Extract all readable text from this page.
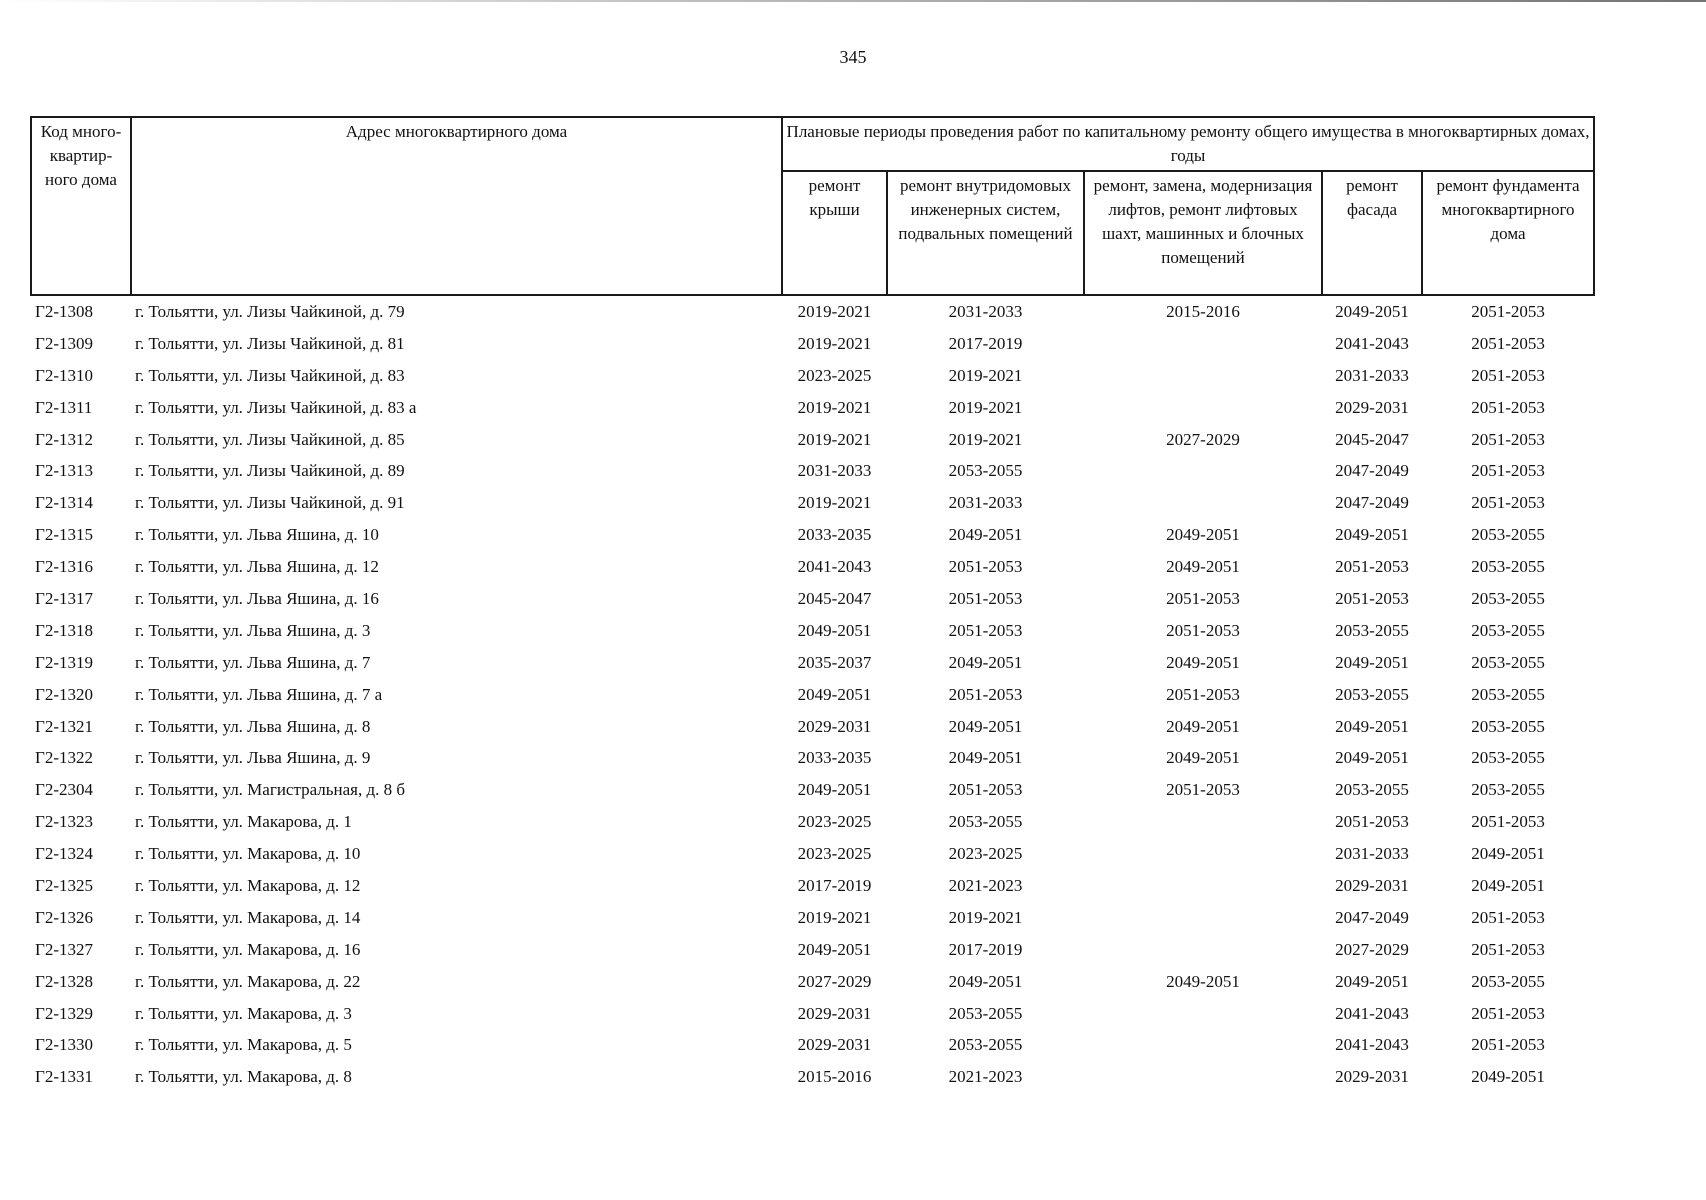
345
Код много-квартир-ного дома	Адрес многоквартирного дома	Плановые периоды проведения работ по капитальному ремонту общего имущества в многоквартирных домах, годы				
		ремонт крыши	ремонт внутридомовых инженерных систем, подвальных помещений	ремонт, замена, модернизация лифтов, ремонт лифтовых шахт, машинных и блочных помещений	ремонт фасада	ремонт фундамента многоквартирного дома
Г2-1308	г. Тольятти, ул. Лизы Чайкиной, д. 79	2019-2021	2031-2033	2015-2016	2049-2051	2051-2053
Г2-1309	г. Тольятти, ул. Лизы Чайкиной, д. 81	2019-2021	2017-2019		2041-2043	2051-2053
Г2-1310	г. Тольятти, ул. Лизы Чайкиной, д. 83	2023-2025	2019-2021		2031-2033	2051-2053
Г2-1311	г. Тольятти, ул. Лизы Чайкиной, д. 83 а	2019-2021	2019-2021		2029-2031	2051-2053
Г2-1312	г. Тольятти, ул. Лизы Чайкиной, д. 85	2019-2021	2019-2021	2027-2029	2045-2047	2051-2053
Г2-1313	г. Тольятти, ул. Лизы Чайкиной, д. 89	2031-2033	2053-2055		2047-2049	2051-2053
Г2-1314	г. Тольятти, ул. Лизы Чайкиной, д. 91	2019-2021	2031-2033		2047-2049	2051-2053
Г2-1315	г. Тольятти, ул. Льва Яшина, д. 10	2033-2035	2049-2051	2049-2051	2049-2051	2053-2055
Г2-1316	г. Тольятти, ул. Льва Яшина, д. 12	2041-2043	2051-2053	2049-2051	2051-2053	2053-2055
Г2-1317	г. Тольятти, ул. Льва Яшина, д. 16	2045-2047	2051-2053	2051-2053	2051-2053	2053-2055
Г2-1318	г. Тольятти, ул. Льва Яшина, д. 3	2049-2051	2051-2053	2051-2053	2053-2055	2053-2055
Г2-1319	г. Тольятти, ул. Льва Яшина, д. 7	2035-2037	2049-2051	2049-2051	2049-2051	2053-2055
Г2-1320	г. Тольятти, ул. Льва Яшина, д. 7 а	2049-2051	2051-2053	2051-2053	2053-2055	2053-2055
Г2-1321	г. Тольятти, ул. Льва Яшина, д. 8	2029-2031	2049-2051	2049-2051	2049-2051	2053-2055
Г2-1322	г. Тольятти, ул. Льва Яшина, д. 9	2033-2035	2049-2051	2049-2051	2049-2051	2053-2055
Г2-2304	г. Тольятти, ул. Магистральная, д. 8 б	2049-2051	2051-2053	2051-2053	2053-2055	2053-2055
Г2-1323	г. Тольятти, ул. Макарова, д. 1	2023-2025	2053-2055		2051-2053	2051-2053
Г2-1324	г. Тольятти, ул. Макарова, д. 10	2023-2025	2023-2025		2031-2033	2049-2051
Г2-1325	г. Тольятти, ул. Макарова, д. 12	2017-2019	2021-2023		2029-2031	2049-2051
Г2-1326	г. Тольятти, ул. Макарова, д. 14	2019-2021	2019-2021		2047-2049	2051-2053
Г2-1327	г. Тольятти, ул. Макарова, д. 16	2049-2051	2017-2019		2027-2029	2051-2053
Г2-1328	г. Тольятти, ул. Макарова, д. 22	2027-2029	2049-2051	2049-2051	2049-2051	2053-2055
Г2-1329	г. Тольятти, ул. Макарова, д. 3	2029-2031	2053-2055		2041-2043	2051-2053
Г2-1330	г. Тольятти, ул. Макарова, д. 5	2029-2031	2053-2055		2041-2043	2051-2053
Г2-1331	г. Тольятти, ул. Макарова, д. 8	2015-2016	2021-2023		2029-2031	2049-2051
